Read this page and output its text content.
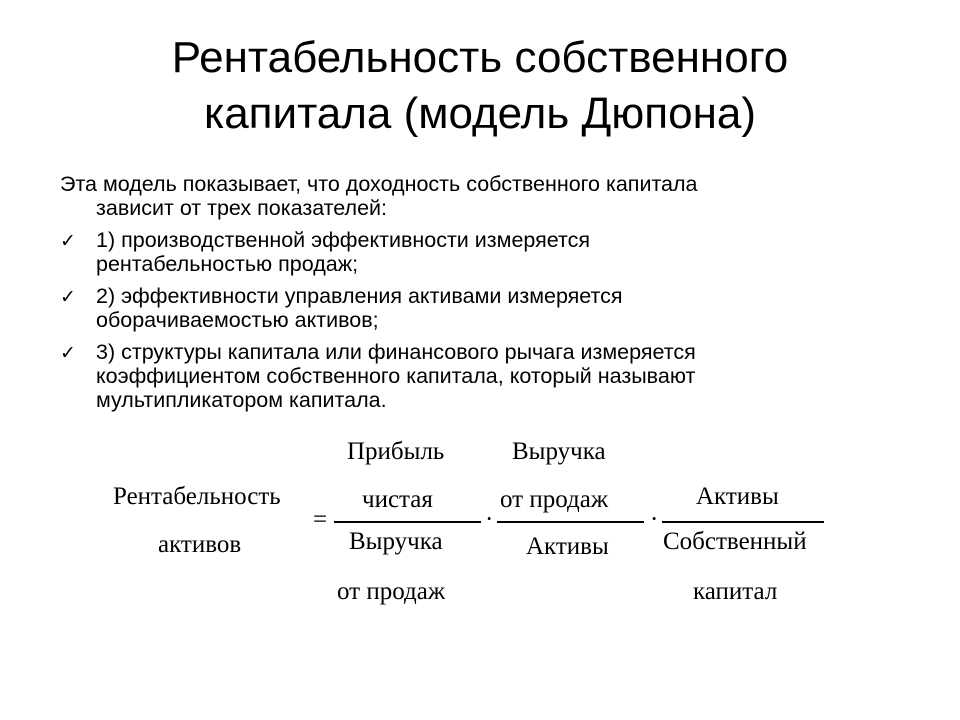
Рентабельность собственного
капитала (модель Дюпона)
Эта модель показывает, что доходность собственного капитала
зависит от трех показателей:
✓ 1) производственной эффективности измеряется
рентабельностью продаж;
✓ 2) эффективности управления активами измеряется
оборачиваемостью активов;
✓ 3) структуры капитала или финансового рычага измеряется
коэффициентом собственного капитала, который называют
мультипликатором капитала.
Рентабельность
активов
=
Прибыль
чистая
Выручка
от продаж
·
Выручка
от продаж
Активы
·
Активы
Собственный
капитал
